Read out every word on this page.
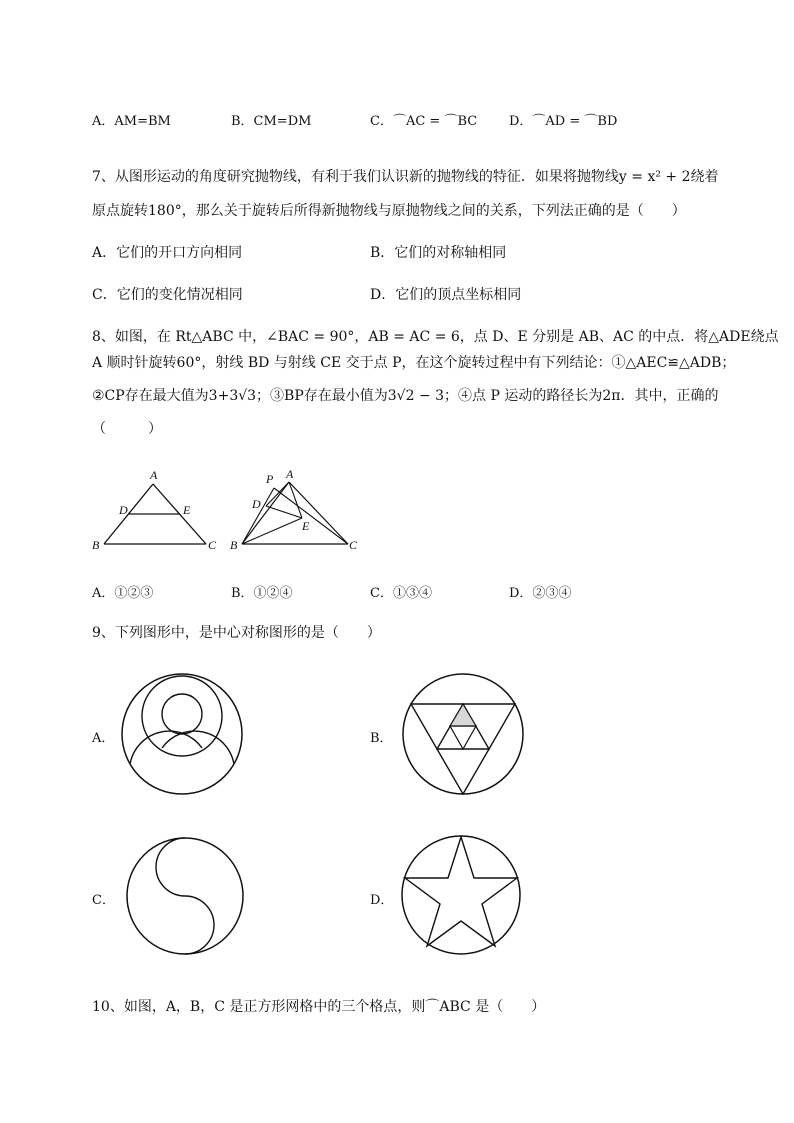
A．AM=BM	B．CM=DM	C．⌒AC = ⌒BC D．⌒AD = ⌒BD
7、从图形运动的角度研究抛物线，有利于我们认识新的抛物线的特征．如果将抛物线y = x² + 2绕着
原点旋转180°，那么关于旋转后所得新抛物线与原抛物线之间的关系，下列法正确的是（　　）
A．它们的开口方向相同	B．它们的对称轴相同
C．它们的变化情况相同	D．它们的顶点坐标相同
8、如图，在 Rt△ABC 中，∠BAC = 90°，AB = AC = 6，点 D、E 分别是 AB、AC 的中点．将△ADE绕点
A 顺时针旋转60°，射线 BD 与射线 CE 交于点 P，在这个旋转过程中有下列结论：①△AEC≌△ADB；
②CP存在最大值为3+3√3；③BP存在最小值为3√2 − 3；④点 P 运动的路径长为2π．其中，正确的
（　　　）
A
D	E
B	C
P A
D
E
B	C
A．①②③	B．①②④	C．①③④	D．②③④
9、下列图形中，是中心对称图形的是（　　）
A．	B．
C．	D．
10、如图，A，B，C 是正方形网格中的三个格点，则⌒ABC 是（　　）
